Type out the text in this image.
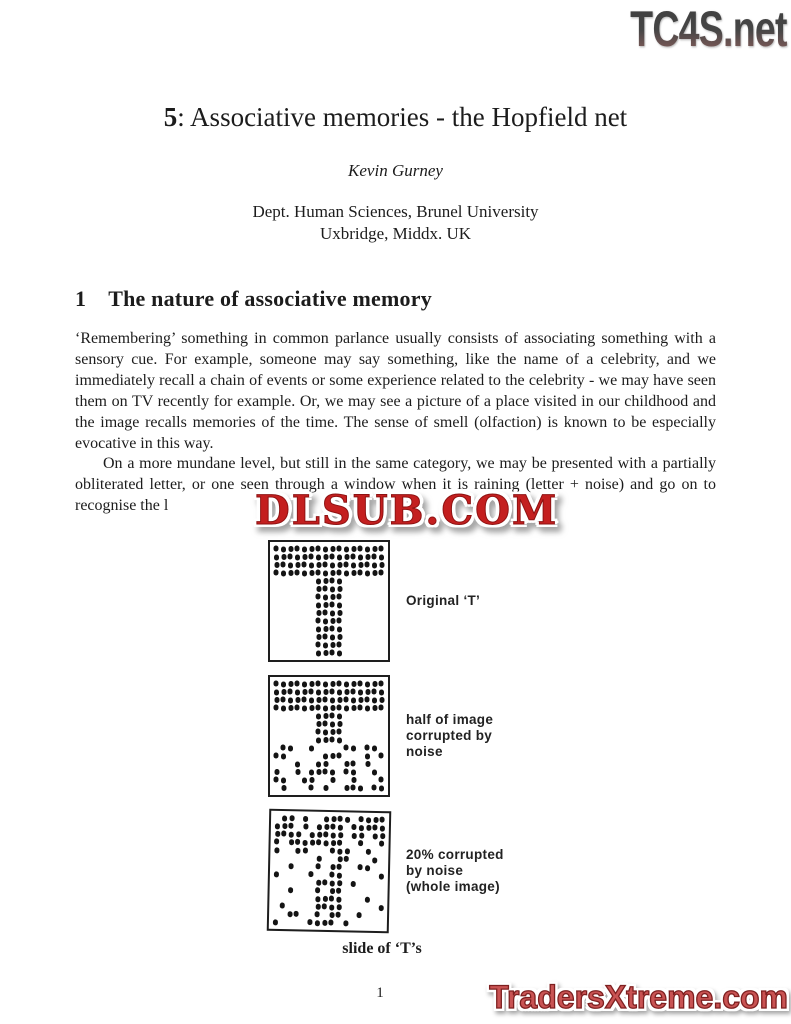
TC4S.net
5: Associative memories - the Hopfield net
Kevin Gurney
Dept. Human Sciences, Brunel University
Uxbridge, Middx. UK
1 The nature of associative memory

‘Remembering’ something in common parlance usually consists of associating something with a sensory cue. For example, someone may say something, like the name of a celebrity, and we immediately recall a chain of events or some experience related to the celebrity - we may have seen them on TV recently for example. Or, we may see a picture of a place visited in our childhood and the image recalls memories of the time. The sense of smell (olfaction) is known to be especially evocative in this way.

On a more mundane level, but still in the same category, we may be presented with a partially obliterated letter, or one seen through a window when it is raining (letter + noise) and go on to recognise the l	DLSUB.COM
Original ‘T’
half of image
corrupted by
noise
20% corrupted
by noise
(whole image)
slide of ‘T’s
1	TradersXtreme.com
